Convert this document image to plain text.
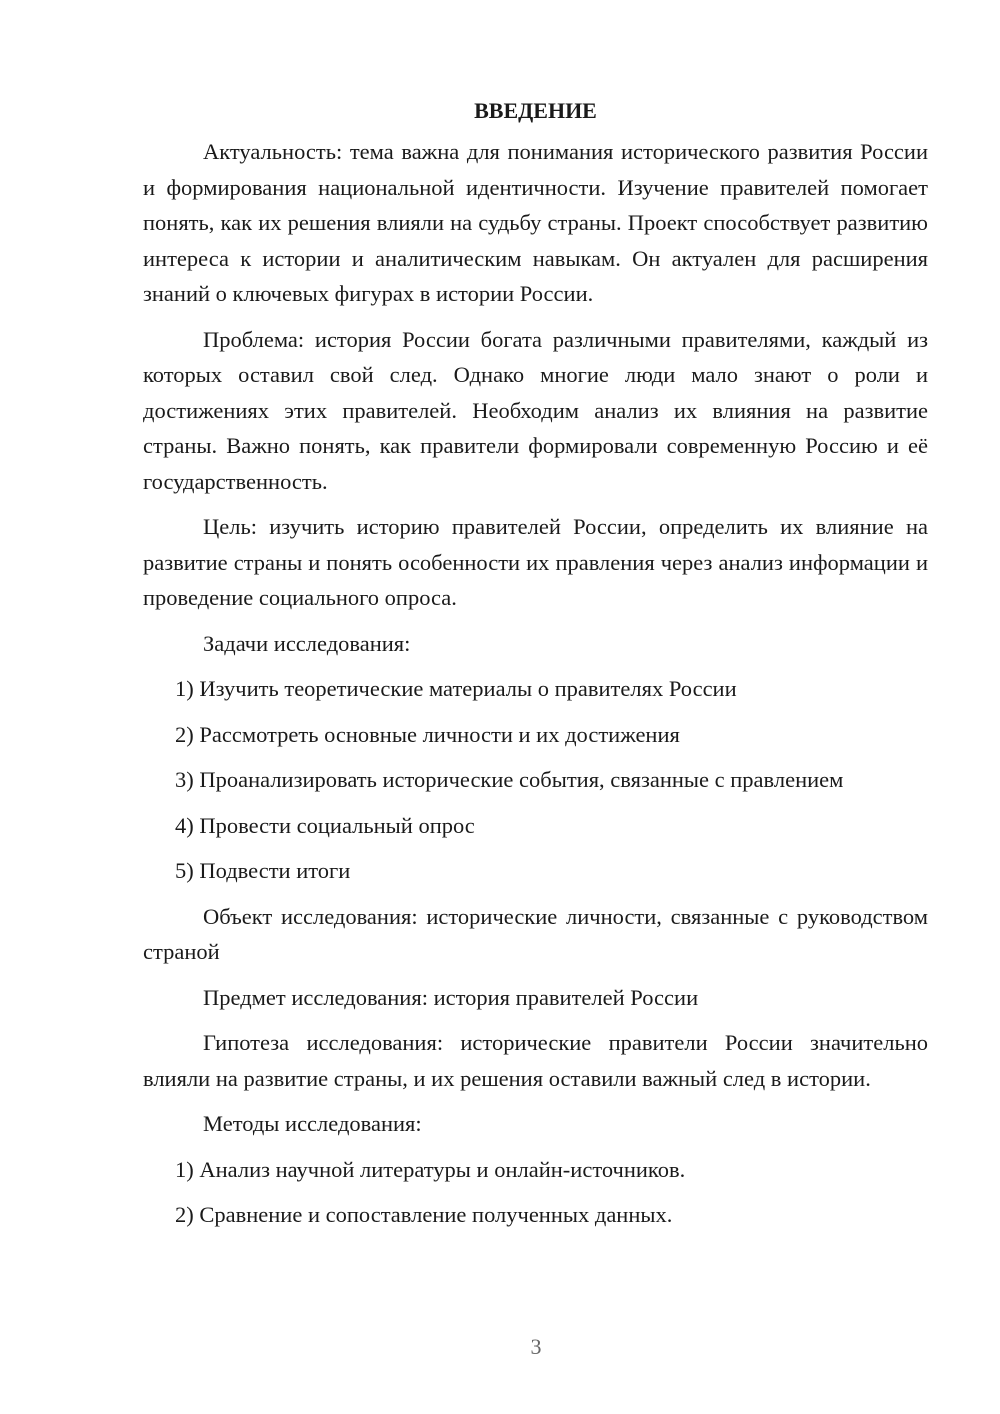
ВВЕДЕНИЕ

Актуальность: тема важна для понимания исторического развития России и формирования национальной идентичности. Изучение правителей помогает понять, как их решения влияли на судьбу страны. Проект способствует развитию интереса к истории и аналитическим навыкам. Он актуален для расширения знаний о ключевых фигурах в истории России.

Проблема: история России богата различными правителями, каждый из которых оставил свой след. Однако многие люди мало знают о роли и достижениях этих правителей. Необходим анализ их влияния на развитие страны. Важно понять, как правители формировали современную Россию и её государственность.

Цель: изучить историю правителей России, определить их влияние на развитие страны и понять особенности их правления через анализ информации и проведение социального опроса.

Задачи исследования:

1) Изучить теоретические материалы о правителях России
2) Рассмотреть основные личности и их достижения
3) Проанализировать исторические события, связанные с правлением
4) Провести социальный опрос
5) Подвести итоги

Объект исследования: исторические личности, связанные с руководством страной

Предмет исследования: история правителей России

Гипотеза исследования: исторические правители России значительно влияли на развитие страны, и их решения оставили важный след в истории.

Методы исследования:

1) Анализ научной литературы и онлайн-источников.
2) Сравнение и сопоставление полученных данных.
3
